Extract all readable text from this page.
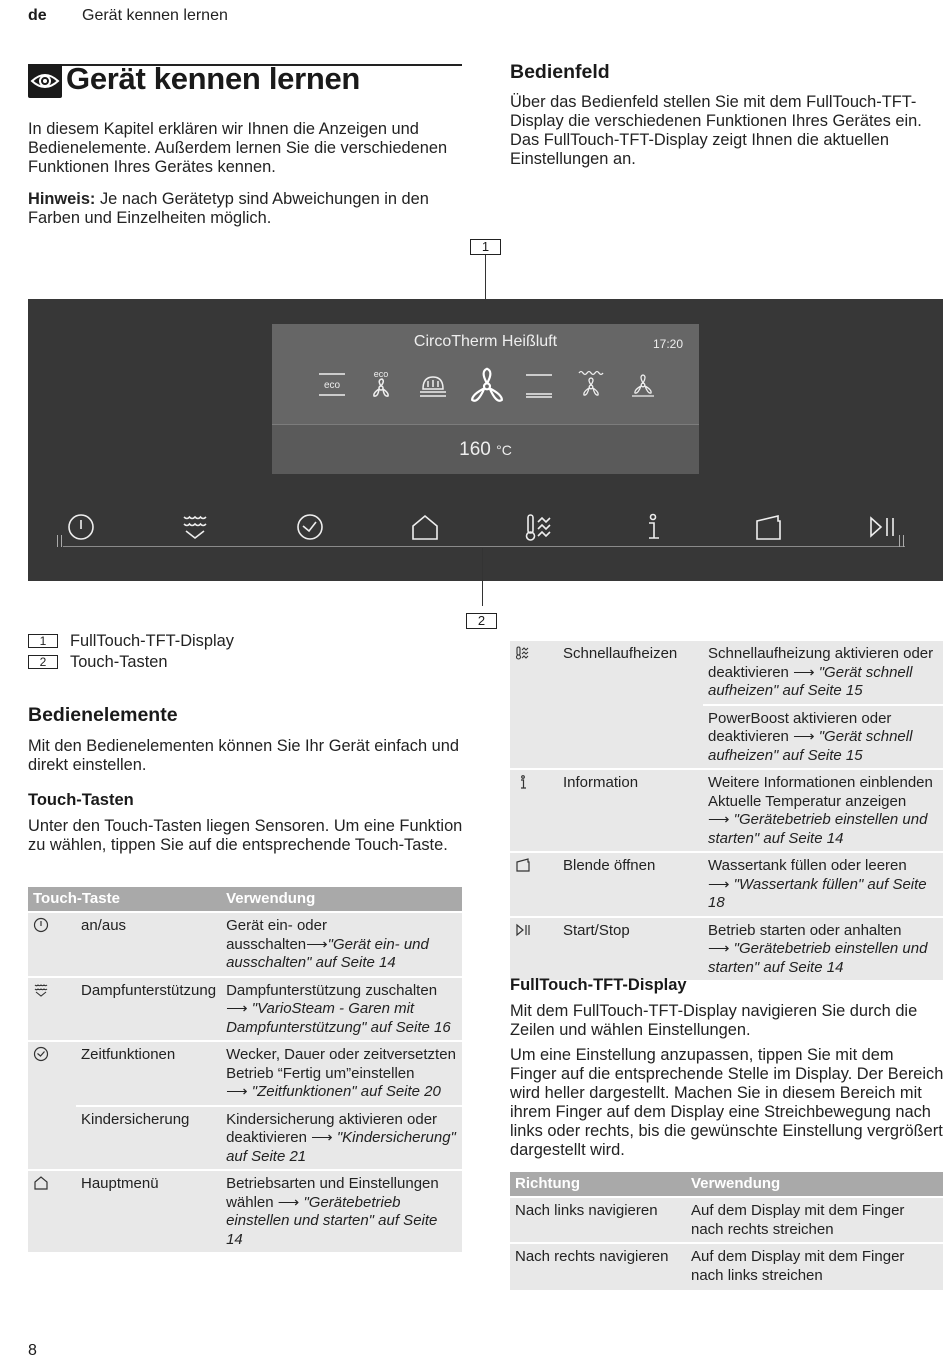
de Gerät kennen lernen
Gerät kennen lernen
In diesem Kapitel erklären wir Ihnen die Anzeigen und Bedienelemente. Außerdem lernen Sie die verschiedenen Funktionen Ihres Gerätes kennen.
Hinweis: Je nach Gerätetyp sind Abweichungen in den Farben und Einzelheiten möglich.
Bedienfeld
Über das Bedienfeld stellen Sie mit dem FullTouch-TFT-Display die verschiedenen Funktionen Ihres Gerätes ein. Das FullTouch-TFT-Display zeigt Ihnen die aktuellen Einstellungen an.
1
CircoTherm Heißluft	17:20
160 °C
eco
eco
2
1 FullTouch-TFT-Display
2 Touch-Tasten
Bedienelemente
Mit den Bedienelementen können Sie Ihr Gerät einfach und direkt einstellen.
Touch-Tasten
Unter den Touch-Tasten liegen Sensoren. Um eine Funktion zu wählen, tippen Sie auf die entsprechende Touch-Taste.
Touch-Taste		Verwendung
	an/aus	Gerät ein- oder ausschalten⟶"Gerät ein- und ausschalten" auf Seite 14
	Dampfunterstützung	Dampfunterstützung zuschalten
⟶ "VarioSteam - Garen mit Dampfunterstützung" auf Seite 16
	Zeitfunktionen	Wecker, Dauer oder zeitversetzten Betrieb “Fertig um”einstellen
⟶ "Zeitfunktionen" auf Seite 20
	Kindersicherung	Kindersicherung aktivieren oder deaktivieren ⟶ "Kindersicherung" auf Seite 21
	Hauptmenü	Betriebsarten und Einstellungen wählen ⟶ "Gerätebetrieb einstellen und starten" auf Seite 14
	Schnellaufheizen	Schnellaufheizung aktivieren oder deaktivieren ⟶ "Gerät schnell aufheizen" auf Seite 15
		PowerBoost aktivieren oder deaktivieren ⟶ "Gerät schnell aufheizen" auf Seite 15
	Information	Weitere Informationen einblenden
Aktuelle Temperatur anzeigen
⟶ "Gerätebetrieb einstellen und starten" auf Seite 14
	Blende öffnen	Wassertank füllen oder leeren
⟶ "Wassertank füllen" auf Seite 18
	Start/Stop	Betrieb starten oder anhalten
⟶ "Gerätebetrieb einstellen und starten" auf Seite 14
FullTouch-TFT-Display
Mit dem FullTouch-TFT-Display navigieren Sie durch die Zeilen und wählen Einstellungen.
Um eine Einstellung anzupassen, tippen Sie mit dem Finger auf die entsprechende Stelle im Display. Der Bereich wird heller dargestellt. Machen Sie in diesem Bereich mit ihrem Finger auf dem Display eine Streichbewegung nach links oder rechts, bis die gewünschte Einstellung vergrößert dargestellt wird.
Richtung	Verwendung
Nach links navigieren	Auf dem Display mit dem Finger nach rechts streichen
Nach rechts navigieren	Auf dem Display mit dem Finger nach links streichen
8
